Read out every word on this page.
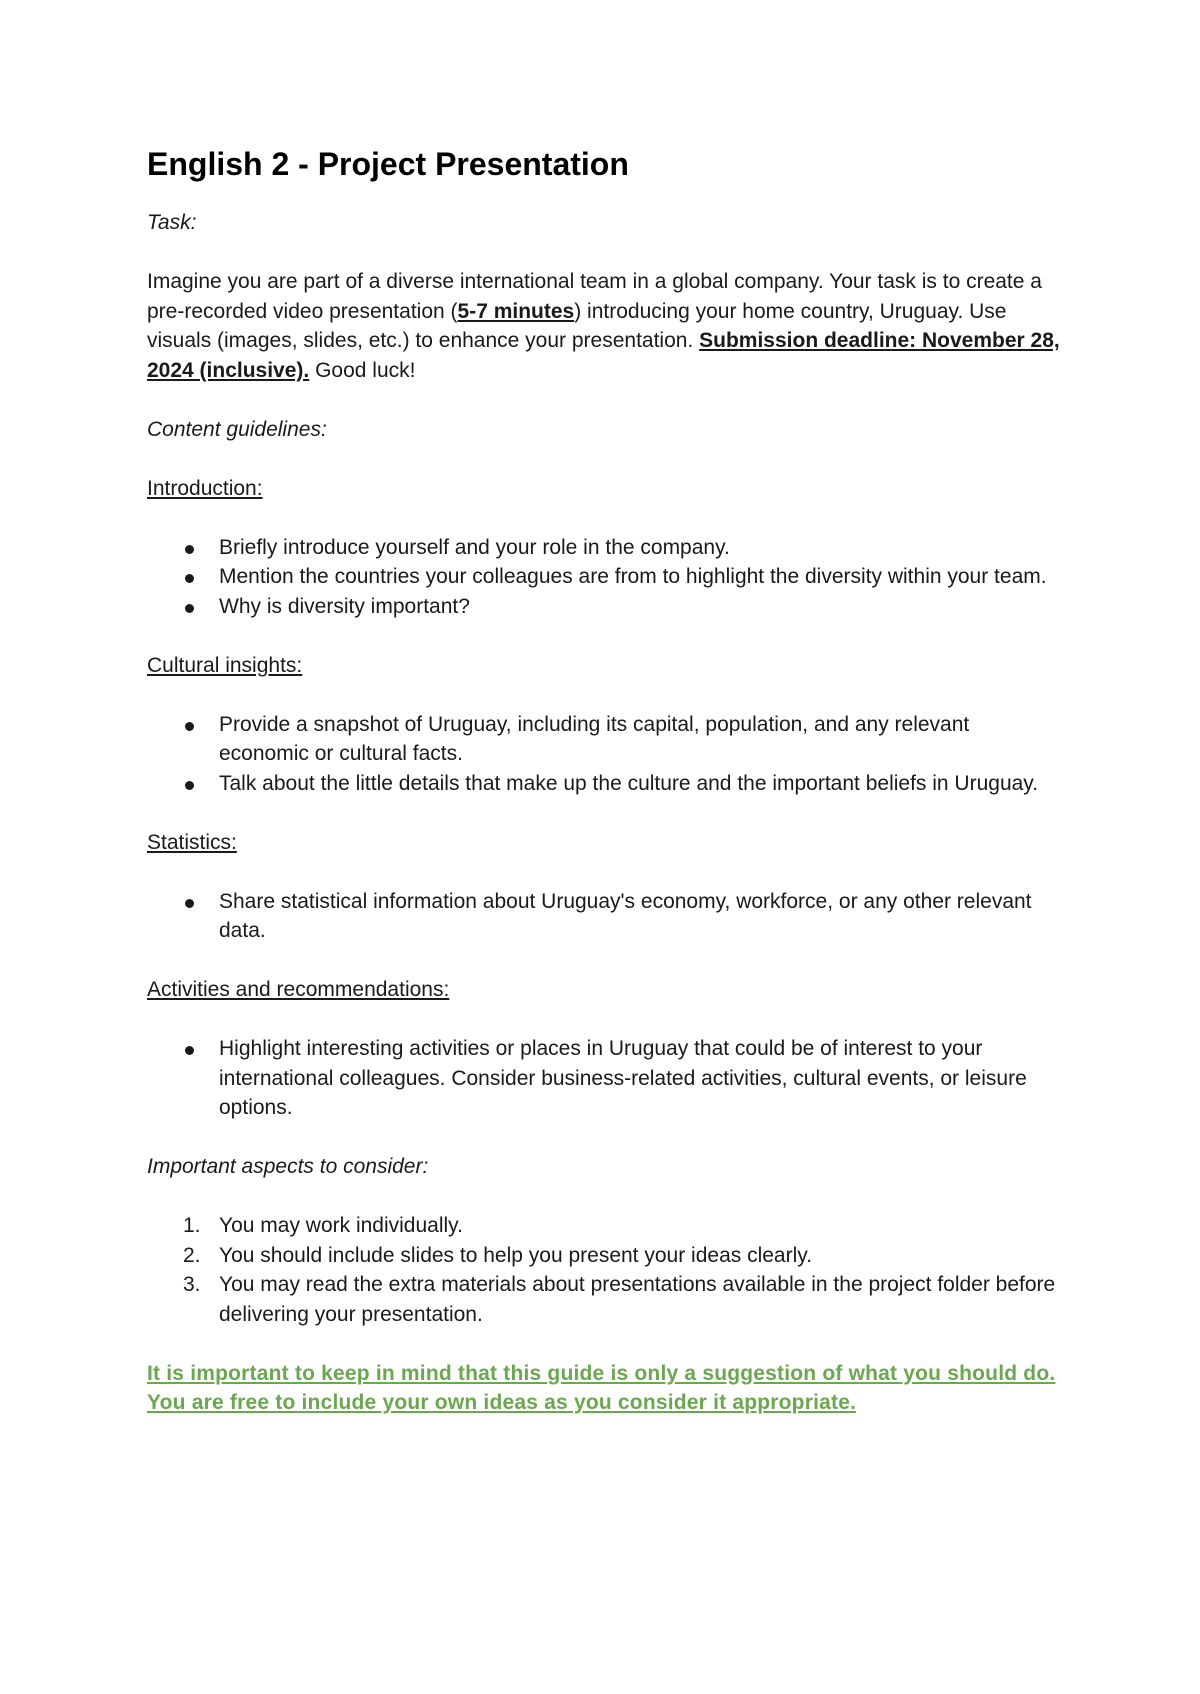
English 2 - Project Presentation

Task:

Imagine you are part of a diverse international team in a global company. Your task is to create a pre-recorded video presentation (5-7 minutes) introducing your home country, Uruguay. Use visuals (images, slides, etc.) to enhance your presentation. Submission deadline: November 28, 2024 (inclusive). Good luck!

Content guidelines:

Introduction:

Briefly introduce yourself and your role in the company.
Mention the countries your colleagues are from to highlight the diversity within your team.
Why is diversity important?

Cultural insights:

Provide a snapshot of Uruguay, including its capital, population, and any relevant economic or cultural facts.
Talk about the little details that make up the culture and the important beliefs in Uruguay.

Statistics:

Share statistical information about Uruguay's economy, workforce, or any other relevant data.

Activities and recommendations:

Highlight interesting activities or places in Uruguay that could be of interest to your international colleagues. Consider business-related activities, cultural events, or leisure options.

Important aspects to consider:

1. You may work individually.
2. You should include slides to help you present your ideas clearly.
3. You may read the extra materials about presentations available in the project folder before delivering your presentation.

It is important to keep in mind that this guide is only a suggestion of what you should do. You are free to include your own ideas as you consider it appropriate.
